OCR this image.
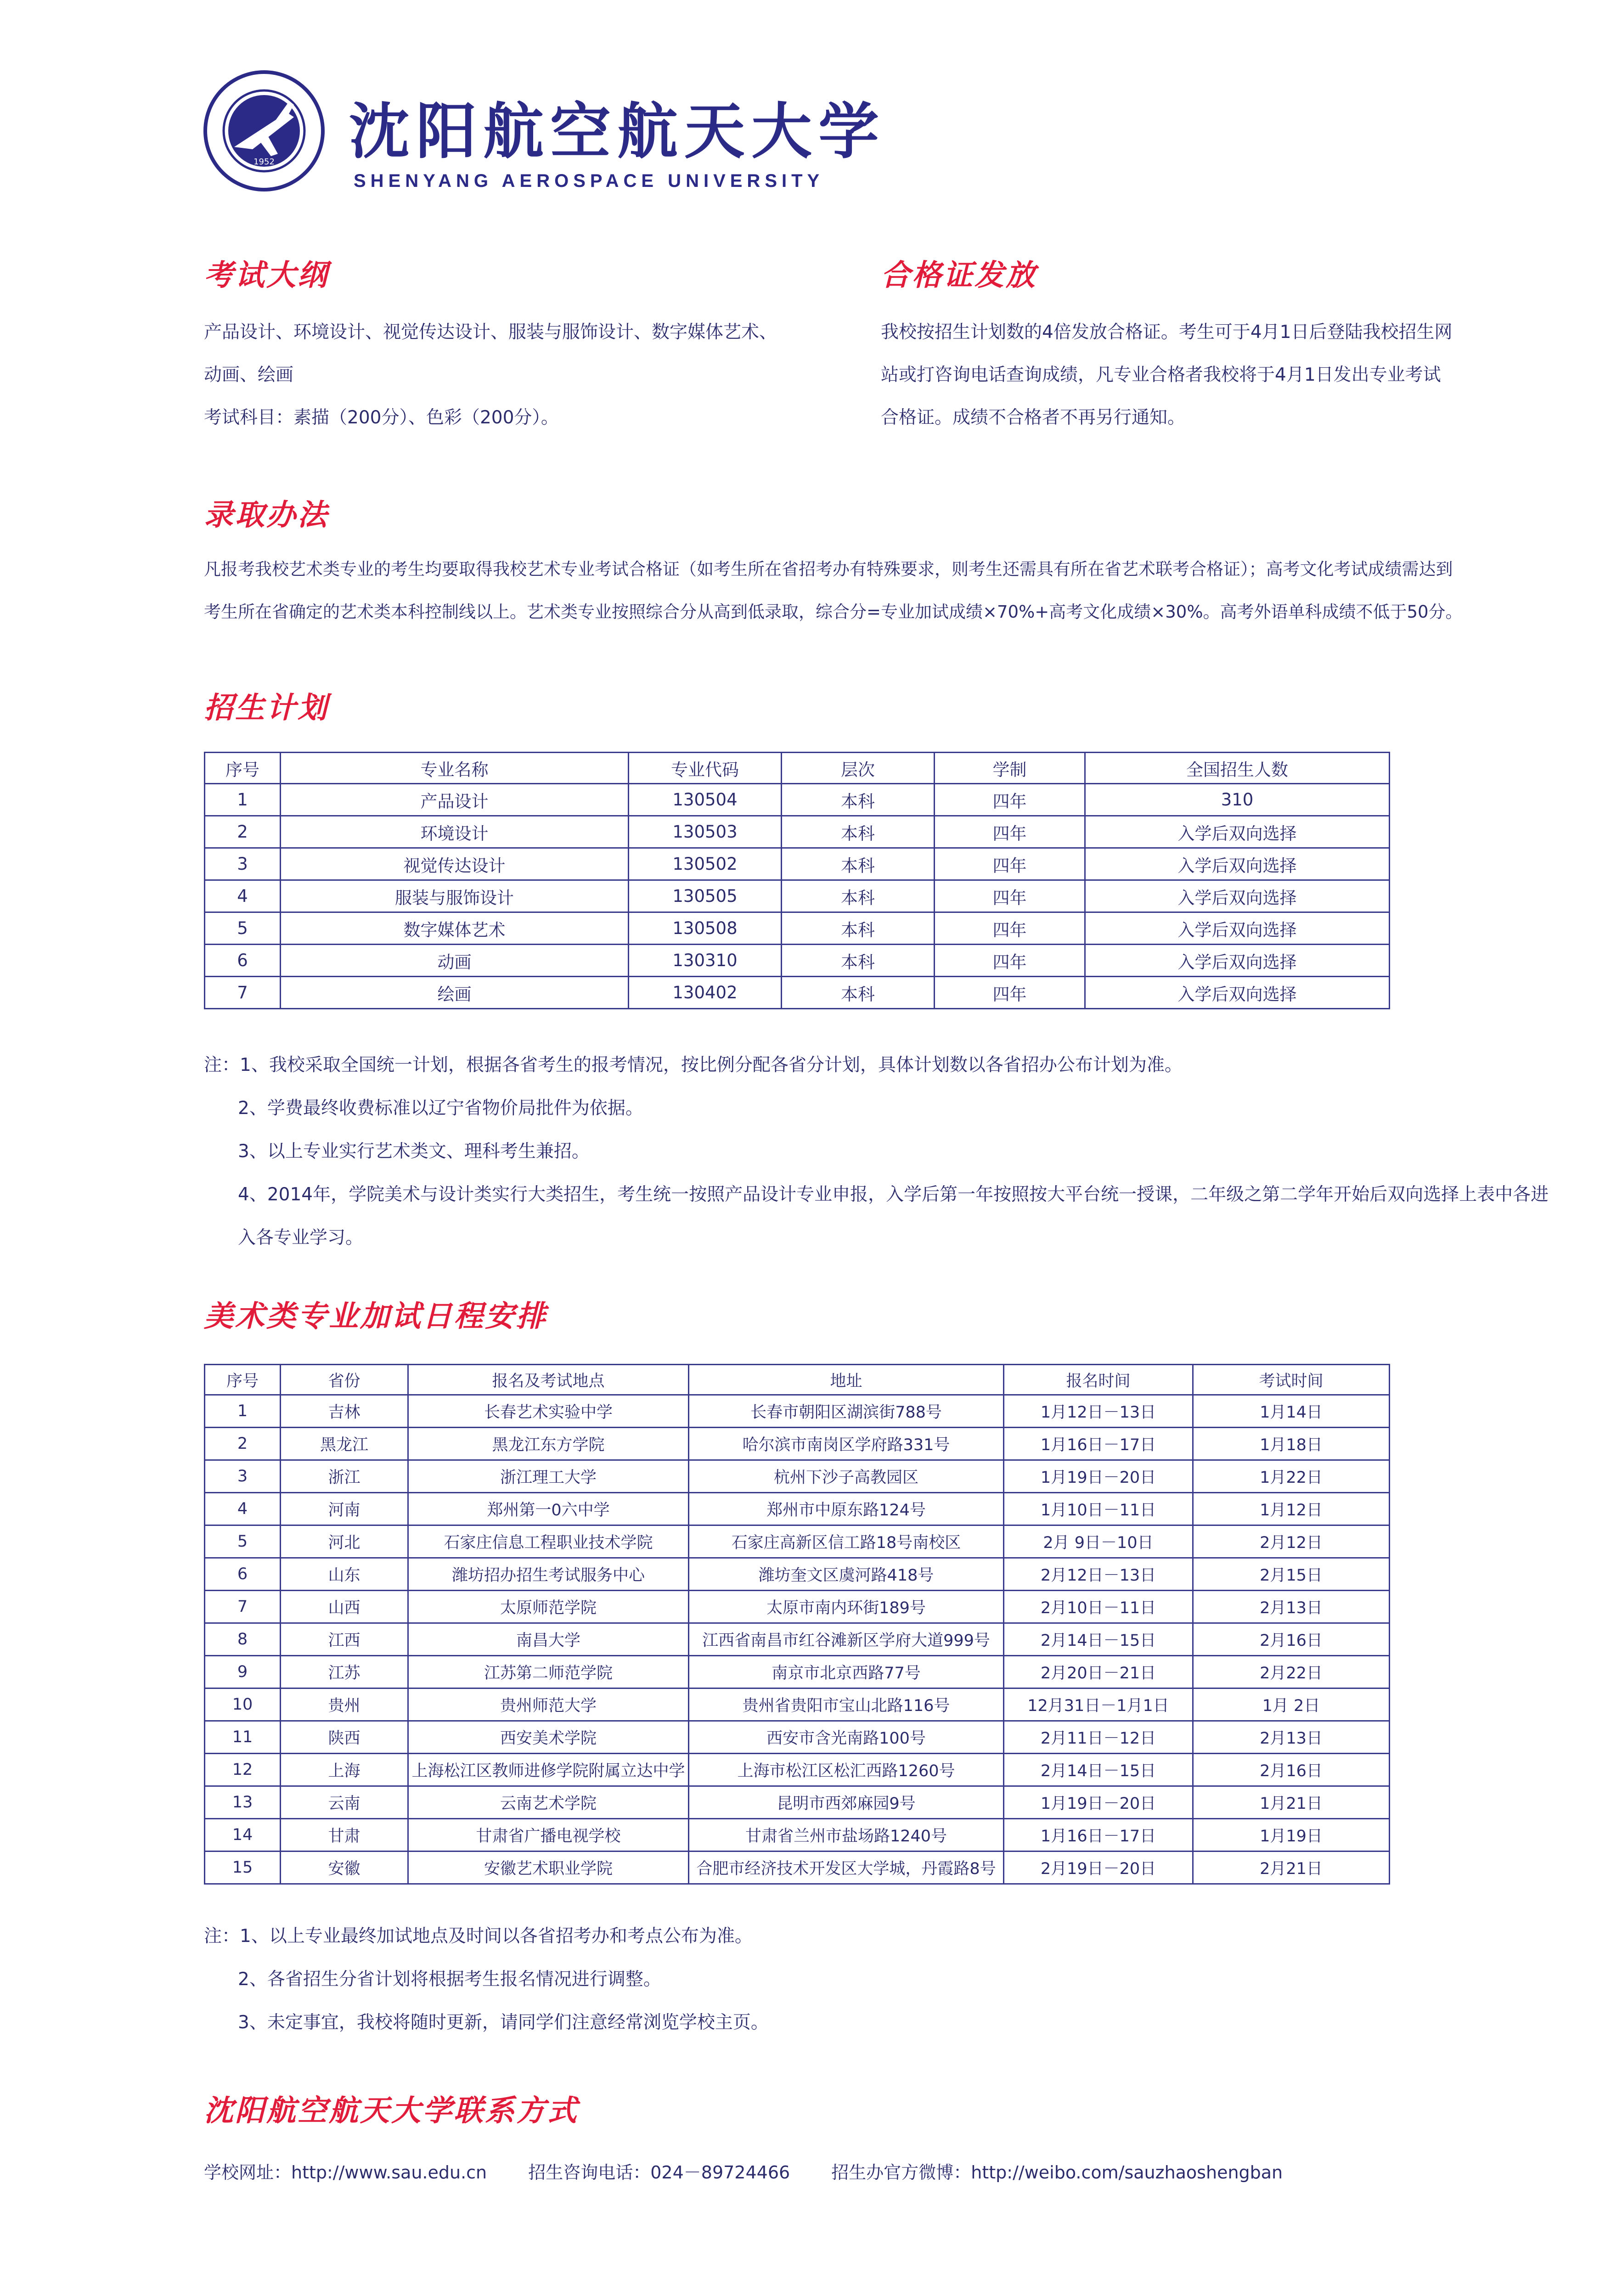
1952 沈阳航空航天大学
SHENYANG AEROSPACE UNIVERSITY
考试大纲
产品设计、环境设计、视觉传达设计、服装与服饰设计、数字媒体艺术、
动画、绘画
考试科目：素描（200分）、色彩（200分）。
合格证发放
我校按招生计划数的4倍发放合格证。考生可于4月1日后登陆我校招生网
站或打咨询电话查询成绩，凡专业合格者我校将于4月1日发出专业考试
合格证。成绩不合格者不再另行通知。
录取办法
凡报考我校艺术类专业的考生均要取得我校艺术专业考试合格证（如考生所在省招考办有特殊要求，则考生还需具有所在省艺术联考合格证）；高考文化考试成绩需达到
考生所在省确定的艺术类本科控制线以上。艺术类专业按照综合分从高到低录取，综合分=专业加试成绩×70%+高考文化成绩×30%。高考外语单科成绩不低于50分。
招生计划
序号	专业名称	专业代码	层次	学制	全国招生人数
1	产品设计	130504	本科	四年	310
2	环境设计	130503	本科	四年	入学后双向选择
3	视觉传达设计	130502	本科	四年	入学后双向选择
4	服装与服饰设计	130505	本科	四年	入学后双向选择
5	数字媒体艺术	130508	本科	四年	入学后双向选择
6	动画	130310	本科	四年	入学后双向选择
7	绘画	130402	本科	四年	入学后双向选择
注：1、我校采取全国统一计划，根据各省考生的报考情况，按比例分配各省分计划，具体计划数以各省招办公布计划为准。
2、学费最终收费标准以辽宁省物价局批件为依据。
3、以上专业实行艺术类文、理科考生兼招。
4、2014年，学院美术与设计类实行大类招生，考生统一按照产品设计专业申报，入学后第一年按照按大平台统一授课，二年级之第二学年开始后双向选择上表中各进
入各专业学习。
美术类专业加试日程安排
序号	省份	报名及考试地点	地址	报名时间	考试时间
1	吉林	长春艺术实验中学	长春市朝阳区湖滨街788号	1月12日－13日	1月14日
2	黑龙江	黑龙江东方学院	哈尔滨市南岗区学府路331号	1月16日－17日	1月18日
3	浙江	浙江理工大学	杭州下沙子高教园区	1月19日－20日	1月22日
4	河南	郑州第一0六中学	郑州市中原东路124号	1月10日－11日	1月12日
5	河北	石家庄信息工程职业技术学院	石家庄高新区信工路18号南校区	2月 9日－10日	2月12日
6	山东	潍坊招办招生考试服务中心	潍坊奎文区虞河路418号	2月12日－13日	2月15日
7	山西	太原师范学院	太原市南内环街189号	2月10日－11日	2月13日
8	江西	南昌大学	江西省南昌市红谷滩新区学府大道999号	2月14日－15日	2月16日
9	江苏	江苏第二师范学院	南京市北京西路77号	2月20日－21日	2月22日
10	贵州	贵州师范大学	贵州省贵阳市宝山北路116号	12月31日－1月1日	1月 2日
11	陕西	西安美术学院	西安市含光南路100号	2月11日－12日	2月13日
12	上海	上海松江区教师进修学院附属立达中学	上海市松江区松汇西路1260号	2月14日－15日	2月16日
13	云南	云南艺术学院	昆明市西郊麻园9号	1月19日－20日	1月21日
14	甘肃	甘肃省广播电视学校	甘肃省兰州市盐场路1240号	1月16日－17日	1月19日
15	安徽	安徽艺术职业学院	合肥市经济技术开发区大学城，丹霞路8号	2月19日－20日	2月21日
注：1、以上专业最终加试地点及时间以各省招考办和考点公布为准。
2、各省招生分省计划将根据考生报名情况进行调整。
3、未定事宜，我校将随时更新，请同学们注意经常浏览学校主页。
沈阳航空航天大学联系方式
学校网址：http://www.sau.edu.cn 招生咨询电话：024－89724466 招生办官方微博：http://weibo.com/sauzhaoshengban
